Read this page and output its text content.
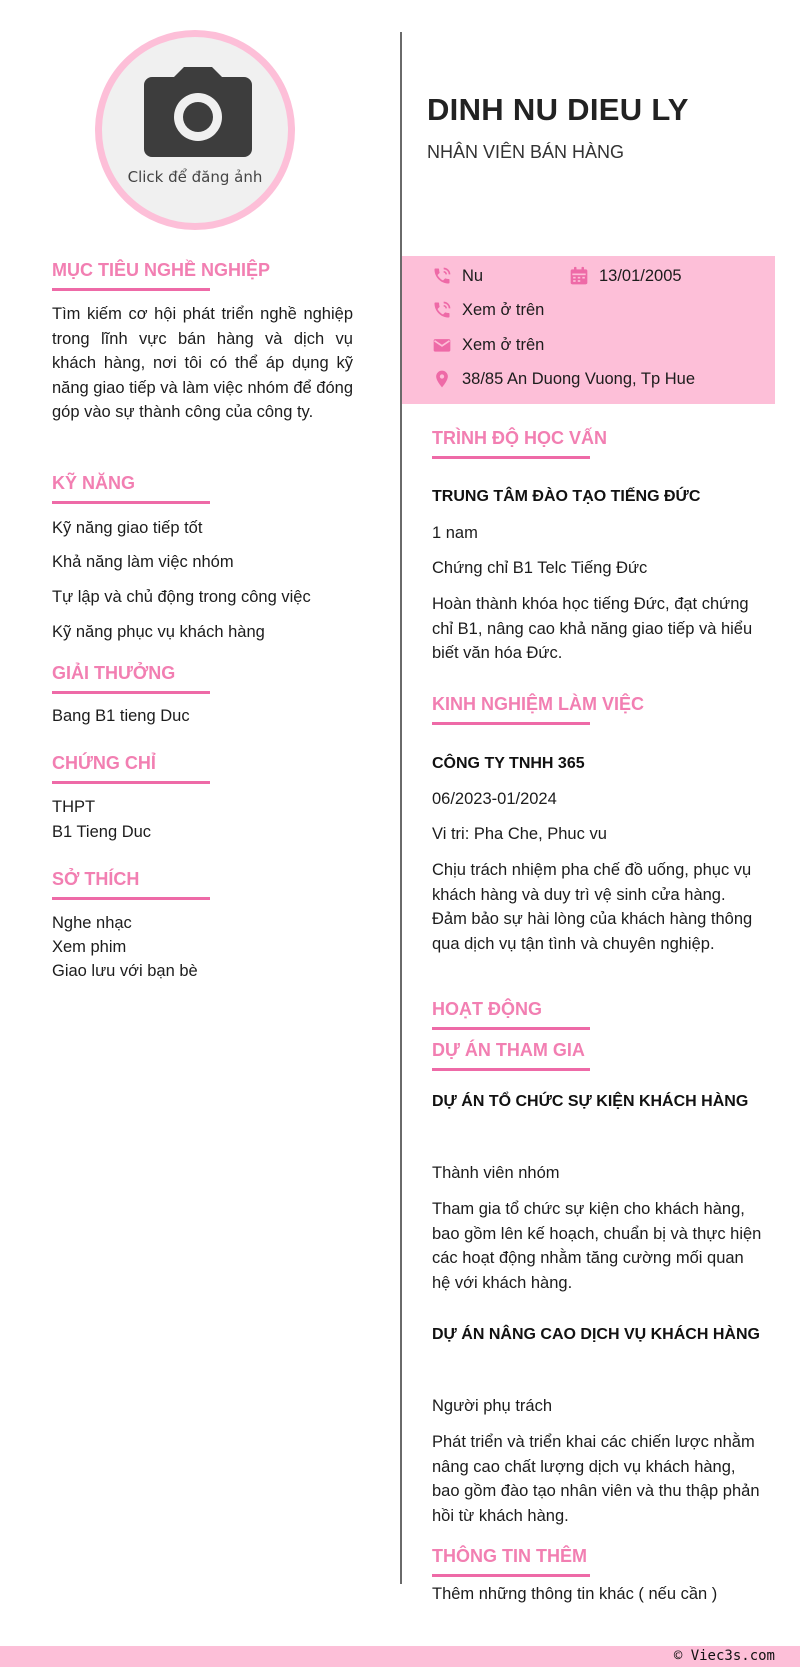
Click để đăng ảnh
MỤC TIÊU NGHỀ NGHIỆP
Tìm kiếm cơ hội phát triển nghề nghiệp trong lĩnh vực bán hàng và dịch vụ khách hàng, nơi tôi có thể áp dụng kỹ năng giao tiếp và làm việc nhóm để đóng góp vào sự thành công của công ty.
KỸ NĂNG
Kỹ năng giao tiếp tốt
Khả năng làm việc nhóm
Tự lập và chủ động trong công việc
Kỹ năng phục vụ khách hàng
GIẢI THƯỞNG
Bang B1 tieng Duc
CHỨNG CHỈ
THPT
B1 Tieng Duc
SỞ THÍCH
Nghe nhạc
Xem phim
Giao lưu với bạn bè
DINH NU DIEU LY
NHÂN VIÊN BÁN HÀNG
Nu	13/01/2005
Xem ở trên
Xem ở trên
38/85 An Duong Vuong, Tp Hue
TRÌNH ĐỘ HỌC VẤN
TRUNG TÂM ĐÀO TẠO TIẾNG ĐỨC
1 nam
Chứng chỉ B1 Telc Tiếng Đức
Hoàn thành khóa học tiếng Đức, đạt chứng chỉ B1, nâng cao khả năng giao tiếp và hiểu biết văn hóa Đức.
KINH NGHIỆM LÀM VIỆC
CÔNG TY TNHH 365
06/2023-01/2024
Vi tri: Pha Che, Phuc vu
Chịu trách nhiệm pha chế đồ uống, phục vụ khách hàng và duy trì vệ sinh cửa hàng. Đảm bảo sự hài lòng của khách hàng thông qua dịch vụ tận tình và chuyên nghiệp.
HOẠT ĐỘNG
DỰ ÁN THAM GIA
DỰ ÁN TỔ CHỨC SỰ KIỆN KHÁCH HÀNG
Thành viên nhóm
Tham gia tổ chức sự kiện cho khách hàng, bao gồm lên kế hoạch, chuẩn bị và thực hiện các hoạt động nhằm tăng cường mối quan hệ với khách hàng.
DỰ ÁN NÂNG CAO DỊCH VỤ KHÁCH HÀNG
Người phụ trách
Phát triển và triển khai các chiến lược nhằm nâng cao chất lượng dịch vụ khách hàng, bao gồm đào tạo nhân viên và thu thập phản hồi từ khách hàng.
THÔNG TIN THÊM
Thêm những thông tin khác ( nếu cần )
© Viec3s.com
